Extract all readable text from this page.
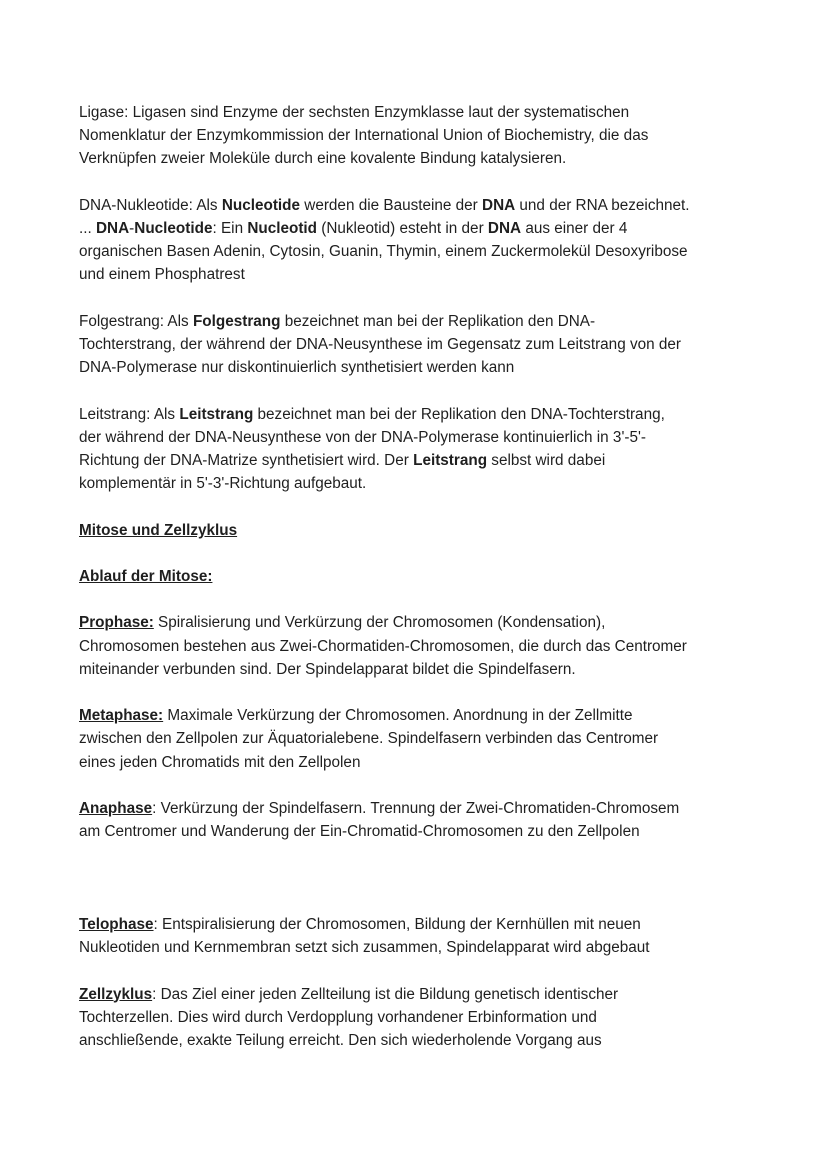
Ligase: Ligasen sind Enzyme der sechsten Enzymklasse laut der systematischen
Nomenklatur der Enzymkommission der International Union of Biochemistry, die das
Verknüpfen zweier Moleküle durch eine kovalente Bindung katalysieren.
DNA-Nukleotide: Als Nucleotide werden die Bausteine der DNA und der RNA bezeichnet.
... DNA-Nucleotide: Ein Nucleotid (Nukleotid) esteht in der DNA aus einer der 4
organischen Basen Adenin, Cytosin, Guanin, Thymin, einem Zuckermolekül Desoxyribose
und einem Phosphatrest
Folgestrang: Als Folgestrang bezeichnet man bei der Replikation den DNA-
Tochterstrang, der während der DNA-Neusynthese im Gegensatz zum Leitstrang von der
DNA-Polymerase nur diskontinuierlich synthetisiert werden kann
Leitstrang: Als Leitstrang bezeichnet man bei der Replikation den DNA-Tochterstrang,
der während der DNA-Neusynthese von der DNA-Polymerase kontinuierlich in 3'-5'-
Richtung der DNA-Matrize synthetisiert wird. Der Leitstrang selbst wird dabei
komplementär in 5'-3'-Richtung aufgebaut.
Mitose und Zellzyklus
Ablauf der Mitose:
Prophase: Spiralisierung und Verkürzung der Chromosomen (Kondensation),
Chromosomen bestehen aus Zwei-Chormatiden-Chromosomen, die durch das Centromer
miteinander verbunden sind. Der Spindelapparat bildet die Spindelfasern.
Metaphase: Maximale Verkürzung der Chromosomen. Anordnung in der Zellmitte
zwischen den Zellpolen zur Äquatorialebene. Spindelfasern verbinden das Centromer
eines jeden Chromatids mit den Zellpolen
Anaphase: Verkürzung der Spindelfasern. Trennung der Zwei-Chromatiden-Chromosem
am Centromer und Wanderung der Ein-Chromatid-Chromosomen zu den Zellpolen
Telophase: Entspiralisierung der Chromosomen, Bildung der Kernhüllen mit neuen
Nukleotiden und Kernmembran setzt sich zusammen, Spindelapparat wird abgebaut
Zellzyklus: Das Ziel einer jeden Zellteilung ist die Bildung genetisch identischer
Tochterzellen. Dies wird durch Verdopplung vorhandener Erbinformation und
anschließende, exakte Teilung erreicht. Den sich wiederholende Vorgang aus
